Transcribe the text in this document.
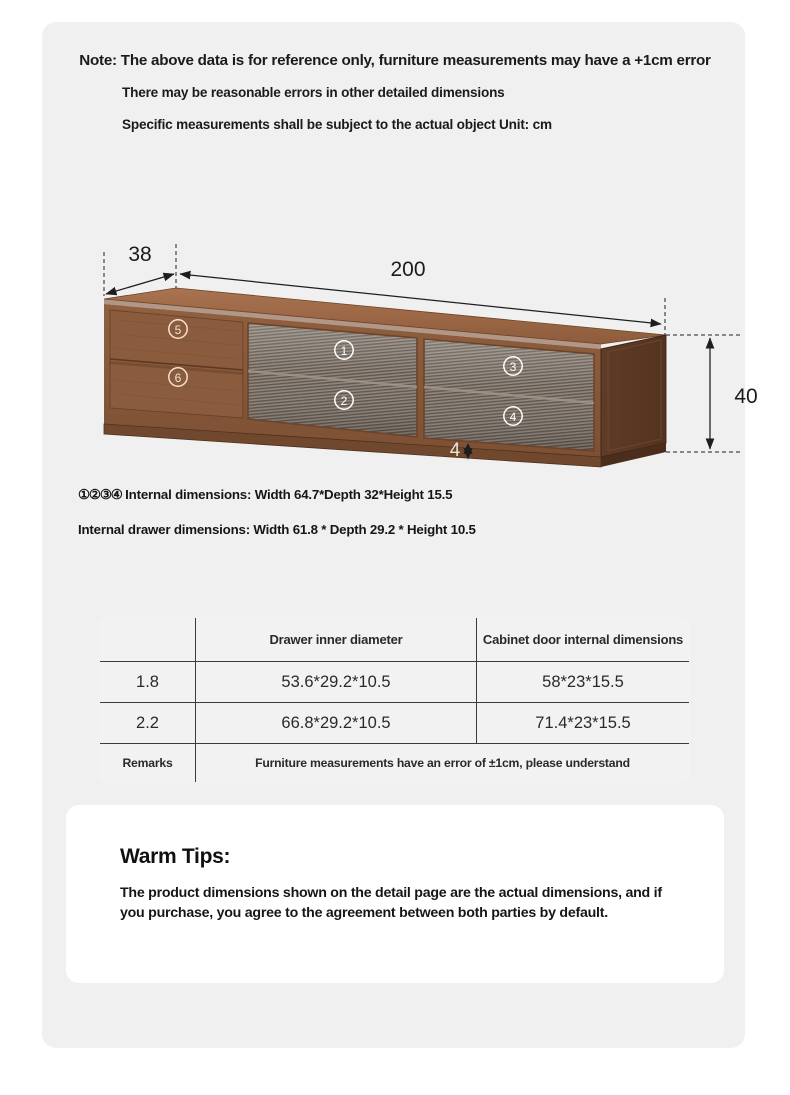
Note: The above data is for reference only, furniture measurements may have a +1cm error
There may be reasonable errors in other detailed dimensions
Specific measurements shall be subject to the actual object Unit: cm
38
200
5
6
1
2
3
4
4
40
①②③④ Internal dimensions: Width 64.7*Depth 32*Height 15.5
Internal drawer dimensions: Width 61.8 * Depth 29.2 * Height 10.5
	Drawer inner diameter	Cabinet door internal dimensions
1.8	53.6*29.2*10.5	58*23*15.5
2.2	66.8*29.2*10.5	71.4*23*15.5
Remarks	Furniture measurements have an error of ±1cm, please understand	
Warm Tips:
The product dimensions shown on the detail page are the actual dimensions, and if you purchase, you agree to the agreement between both parties by default.
